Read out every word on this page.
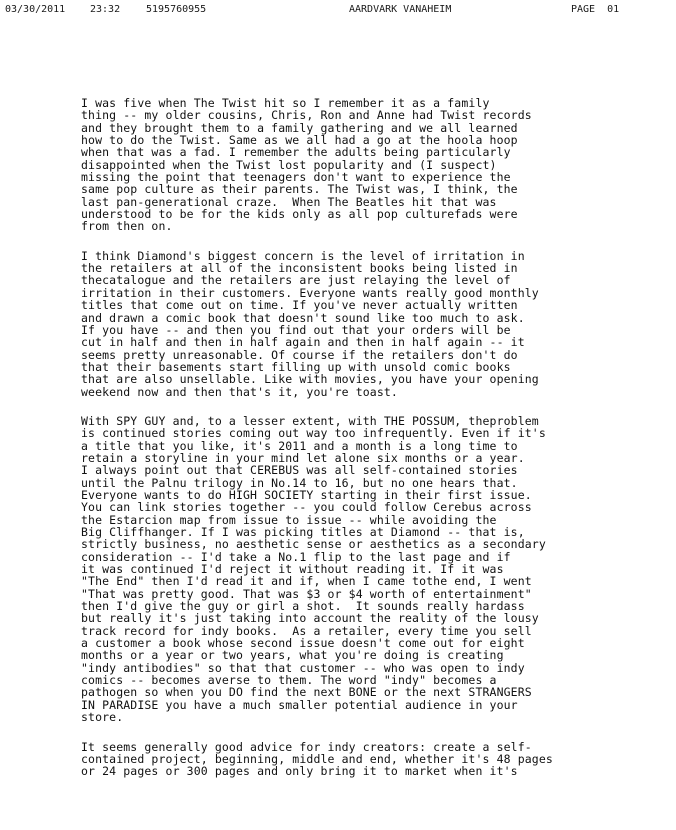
03/30/2011 23:32	5195760955	AARDVARK VANAHEIM	PAGE  01
I was five when The Twist hit so I remember it as a family
thing -- my older cousins, Chris, Ron and Anne had Twist records
and they brought them to a family gathering and we all learned
how to do the Twist. Same as we all had a go at the hoola hoop
when that was a fad. I remember the adults being particularly
disappointed when the Twist lost popularity and (I suspect)
missing the point that teenagers don't want to experience the
same pop culture as their parents. The Twist was, I think, the
last pan-generational craze.  When The Beatles hit that was
understood to be for the kids only as all pop culturefads were
from then on.
I think Diamond's biggest concern is the level of irritation in
the retailers at all of the inconsistent books being listed in
thecatalogue and the retailers are just relaying the level of
irritation in their customers. Everyone wants really good monthly
titles that come out on time. If you've never actually written
and drawn a comic book that doesn't sound like too much to ask.
If you have -- and then you find out that your orders will be
cut in half and then in half again and then in half again -- it
seems pretty unreasonable. Of course if the retailers don't do
that their basements start filling up with unsold comic books
that are also unsellable. Like with movies, you have your opening
weekend now and then that's it, you're toast.
With SPY GUY and, to a lesser extent, with THE POSSUM, theproblem
is continued stories coming out way too infrequently. Even if it's
a title that you like, it's 2011 and a month is a long time to
retain a storyline in your mind let alone six months or a year.
I always point out that CEREBUS was all self-contained stories
until the Palnu trilogy in No.14 to 16, but no one hears that.
Everyone wants to do HIGH SOCIETY starting in their first issue.
You can link stories together -- you could follow Cerebus across
the Estarcion map from issue to issue -- while avoiding the
Big Cliffhanger. If I was picking titles at Diamond -- that is,
strictly business, no aesthetic sense or aesthetics as a secondary
consideration -- I'd take a No.1 flip to the last page and if
it was continued I'd reject it without reading it. If it was
"The End" then I'd read it and if, when I came tothe end, I went
"That was pretty good. That was $3 or $4 worth of entertainment"
then I'd give the guy or girl a shot.  It sounds really hardass
but really it's just taking into account the reality of the lousy
track record for indy books.  As a retailer, every time you sell
a customer a book whose second issue doesn't come out for eight
months or a year or two years, what you're doing is creating
"indy antibodies" so that that customer -- who was open to indy
comics -- becomes averse to them. The word "indy" becomes a
pathogen so when you DO find the next BONE or the next STRANGERS
IN PARADISE you have a much smaller potential audience in your
store.
It seems generally good advice for indy creators: create a self-
contained project, beginning, middle and end, whether it's 48 pages
or 24 pages or 300 pages and only bring it to market when it's
